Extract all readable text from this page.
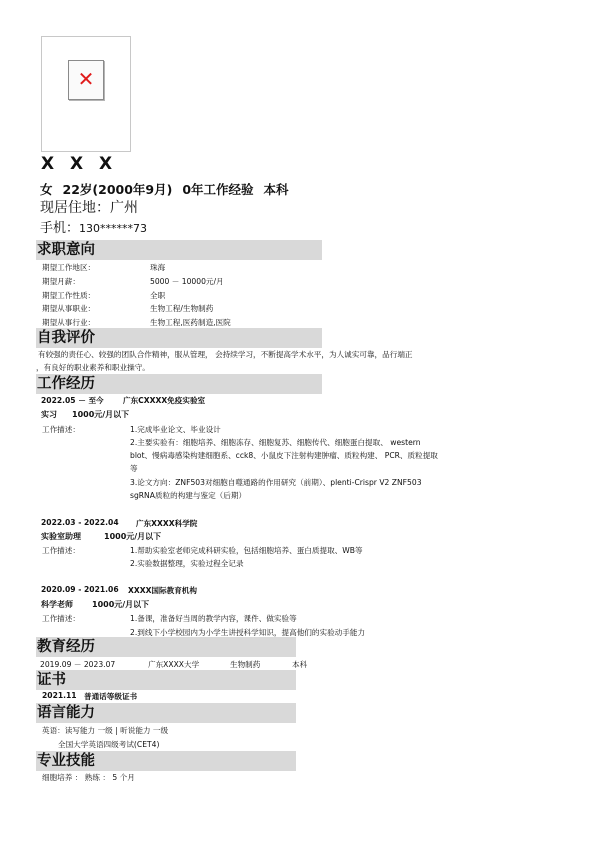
✕
X X X
女 22岁(2000年9月) 0年工作经验 本科
现居住地：广州
手机：130******73
求职意向
期望工作地区：	珠海
期望月薪：	5000 － 10000元/月
期望工作性质：	全职
期望从事职业：	生物工程/生物制药
期望从事行业：	生物工程,医药制造,医院
自我评价
有较强的责任心、较强的团队合作精神，服从管理， 会持续学习，不断提高学术水平，为人诚实可靠，品行端正
，有良好的职业素养和职业操守。
工作经历
2022.05 － 至今	广东CXXXX免疫实验室
实习 1000元/月以下
工作描述：	1.完成毕业论文、毕业设计
2.主要实验有：细胞培养、细胞冻存、细胞复苏、细胞传代、细胞蛋白提取、 western
blot、慢病毒感染构建细胞系、cck8、小鼠皮下注射构建肿瘤、质粒构建、 PCR、质粒提取
等
3.论文方向：ZNF503对细胞自噬通路的作用研究（前期）、plenti-Crispr V2 ZNF503
sgRNA质粒的构建与鉴定（后期）
2022.03 - 2022.04 广东XXXX科学院
实验室助理	1000元/月以下
工作描述：	1.帮助实验室老师完成科研实验，包括细胞培养、蛋白质提取、WB等
2.实验数据整理，实验过程全记录
2020.09 - 2021.06 XXXX国际教育机构
科学老师 1000元/月以下
工作描述：	1.备课，准备好当周的教学内容，课件、做实验等
2.到线下小学校园内为小学生讲授科学知识，提高他们的实验动手能力
教育经历
2019.09 － 2023.07	广东XXXX大学	生物制药	本科
证书
2021.11 普通话等级证书
语言能力
英语：读写能力 一级 | 听说能力 一级
全国大学英语四级考试(CET4)
专业技能
细胞培养 ： 熟练 ： 5 个月
